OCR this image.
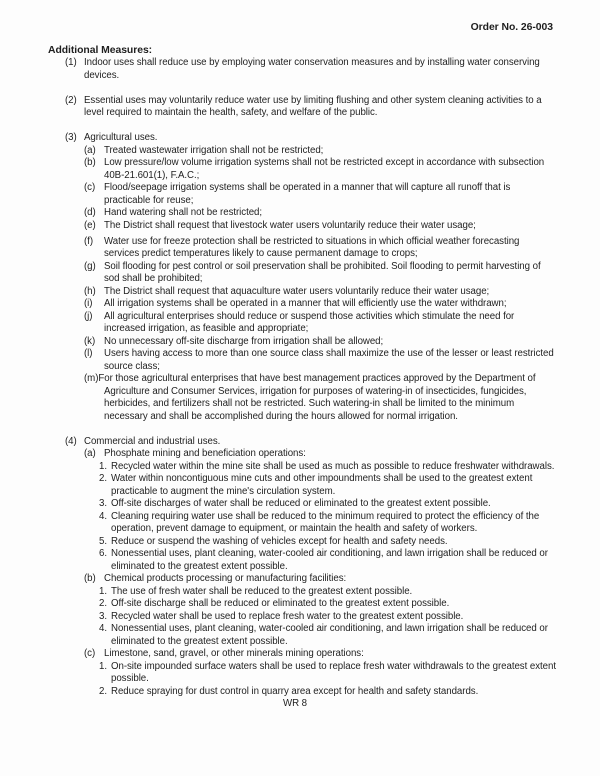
Order No. 26-003
Additional Measures:
(1) Indoor uses shall reduce use by employing water conservation measures and by installing water conserving devices.
(2) Essential uses may voluntarily reduce water use by limiting flushing and other system cleaning activities to a level required to maintain the health, safety, and welfare of the public.
(3) Agricultural uses.
(a) Treated wastewater irrigation shall not be restricted;
(b) Low pressure/low volume irrigation systems shall not be restricted except in accordance with subsection 40B-21.601(1), F.A.C.;
(c) Flood/seepage irrigation systems shall be operated in a manner that will capture all runoff that is practicable for reuse;
(d) Hand watering shall not be restricted;
(e) The District shall request that livestock water users voluntarily reduce their water usage;
(f) Water use for freeze protection shall be restricted to situations in which official weather forecasting services predict temperatures likely to cause permanent damage to crops;
(g) Soil flooding for pest control or soil preservation shall be prohibited. Soil flooding to permit harvesting of sod shall be prohibited;
(h) The District shall request that aquaculture water users voluntarily reduce their water usage;
(i) All irrigation systems shall be operated in a manner that will efficiently use the water withdrawn;
(j) All agricultural enterprises should reduce or suspend those activities which stimulate the need for increased irrigation, as feasible and appropriate;
(k) No unnecessary off-site discharge from irrigation shall be allowed;
(l) Users having access to more than one source class shall maximize the use of the lesser or least restricted source class;
(m)For those agricultural enterprises that have best management practices approved by the Department of Agriculture and Consumer Services, irrigation for purposes of watering-in of insecticides, fungicides, herbicides, and fertilizers shall not be restricted. Such watering-in shall be limited to the minimum necessary and shall be accomplished during the hours allowed for normal irrigation.
(4) Commercial and industrial uses.
(a) Phosphate mining and beneficiation operations:
1. Recycled water within the mine site shall be used as much as possible to reduce freshwater withdrawals.
2. Water within noncontiguous mine cuts and other impoundments shall be used to the greatest extent practicable to augment the mine's circulation system.
3. Off-site discharges of water shall be reduced or eliminated to the greatest extent possible.
4. Cleaning requiring water use shall be reduced to the minimum required to protect the efficiency of the operation, prevent damage to equipment, or maintain the health and safety of workers.
5. Reduce or suspend the washing of vehicles except for health and safety needs.
6. Nonessential uses, plant cleaning, water-cooled air conditioning, and lawn irrigation shall be reduced or eliminated to the greatest extent possible.
(b) Chemical products processing or manufacturing facilities:
1. The use of fresh water shall be reduced to the greatest extent possible.
2. Off-site discharge shall be reduced or eliminated to the greatest extent possible.
3. Recycled water shall be used to replace fresh water to the greatest extent possible.
4. Nonessential uses, plant cleaning, water-cooled air conditioning, and lawn irrigation shall be reduced or eliminated to the greatest extent possible.
(c) Limestone, sand, gravel, or other minerals mining operations:
1. On-site impounded surface waters shall be used to replace fresh water withdrawals to the greatest extent possible.
2. Reduce spraying for dust control in quarry area except for health and safety standards.
WR 8
